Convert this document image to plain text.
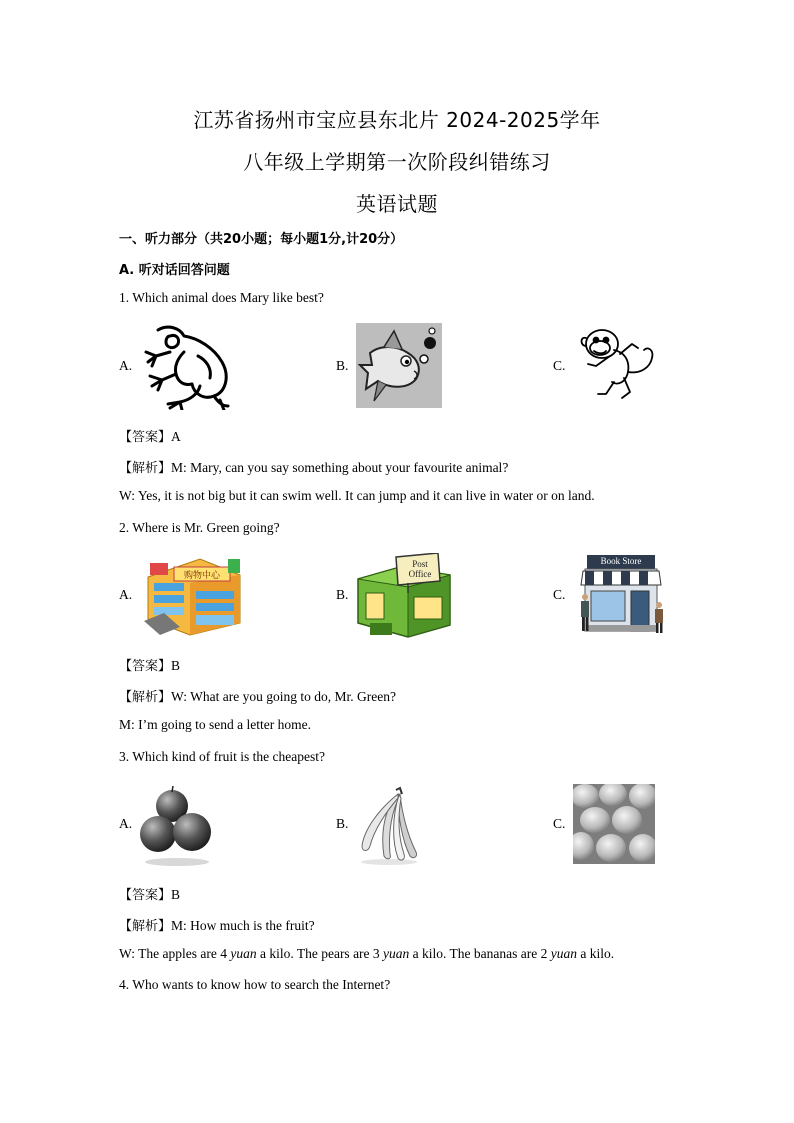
江苏省扬州市宝应县东北片 2024-2025学年
八年级上学期第一次阶段纠错练习
英语试题
一、听力部分（共20小题；每小题1分,计20分）
A. 听对话回答问题
1. Which animal does Mary like best?
A.	B.	C.
【答案】A
【解析】M: Mary, can you say something about your favourite animal?
W: Yes, it is not big but it can swim well. It can jump and it can live in water or on land.
2. Where is Mr. Green going?
A.
购物中心
B.
Post
Office
C.
Book Store
【答案】B
【解析】W: What are you going to do, Mr. Green?
M: I’m going to send a letter home.
3. Which kind of fruit is the cheapest?
A.	B.	C.
【答案】B
【解析】M: How much is the fruit?
W: The apples are 4 yuan a kilo. The pears are 3 yuan a kilo. The bananas are 2 yuan a kilo.
4. Who wants to know how to search the Internet?
